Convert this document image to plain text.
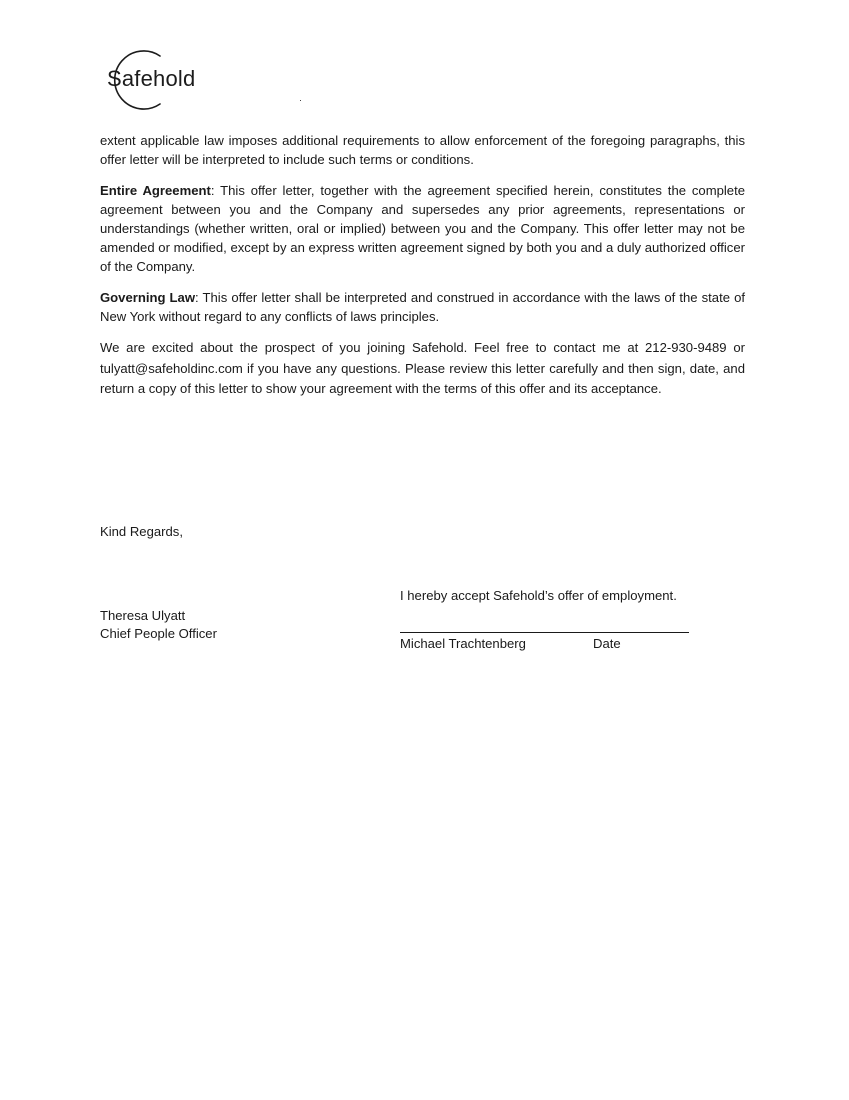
Safehold

extent applicable law imposes additional requirements to allow enforcement of the foregoing paragraphs, this offer letter will be interpreted to include such terms or conditions.

Entire Agreement: This offer letter, together with the agreement specified herein, constitutes the complete agreement between you and the Company and supersedes any prior agreements, representations or understandings (whether written, oral or implied) between you and the Company. This offer letter may not be amended or modified, except by an express written agreement signed by both you and a duly authorized officer of the Company.

Governing Law: This offer letter shall be interpreted and construed in accordance with the laws of the state of New York without regard to any conflicts of laws principles.

We are excited about the prospect of you joining Safehold. Feel free to contact me at 212-930-9489 or tulyatt@safeholdinc.com if you have any questions. Please review this letter carefully and then sign, date, and return a copy of this letter to show your agreement with the terms of this offer and its acceptance.

Kind Regards,
Theresa Ulyatt
Chief People Officer
I hereby accept Safehold’s offer of employment.
Michael Trachtenberg	Date
